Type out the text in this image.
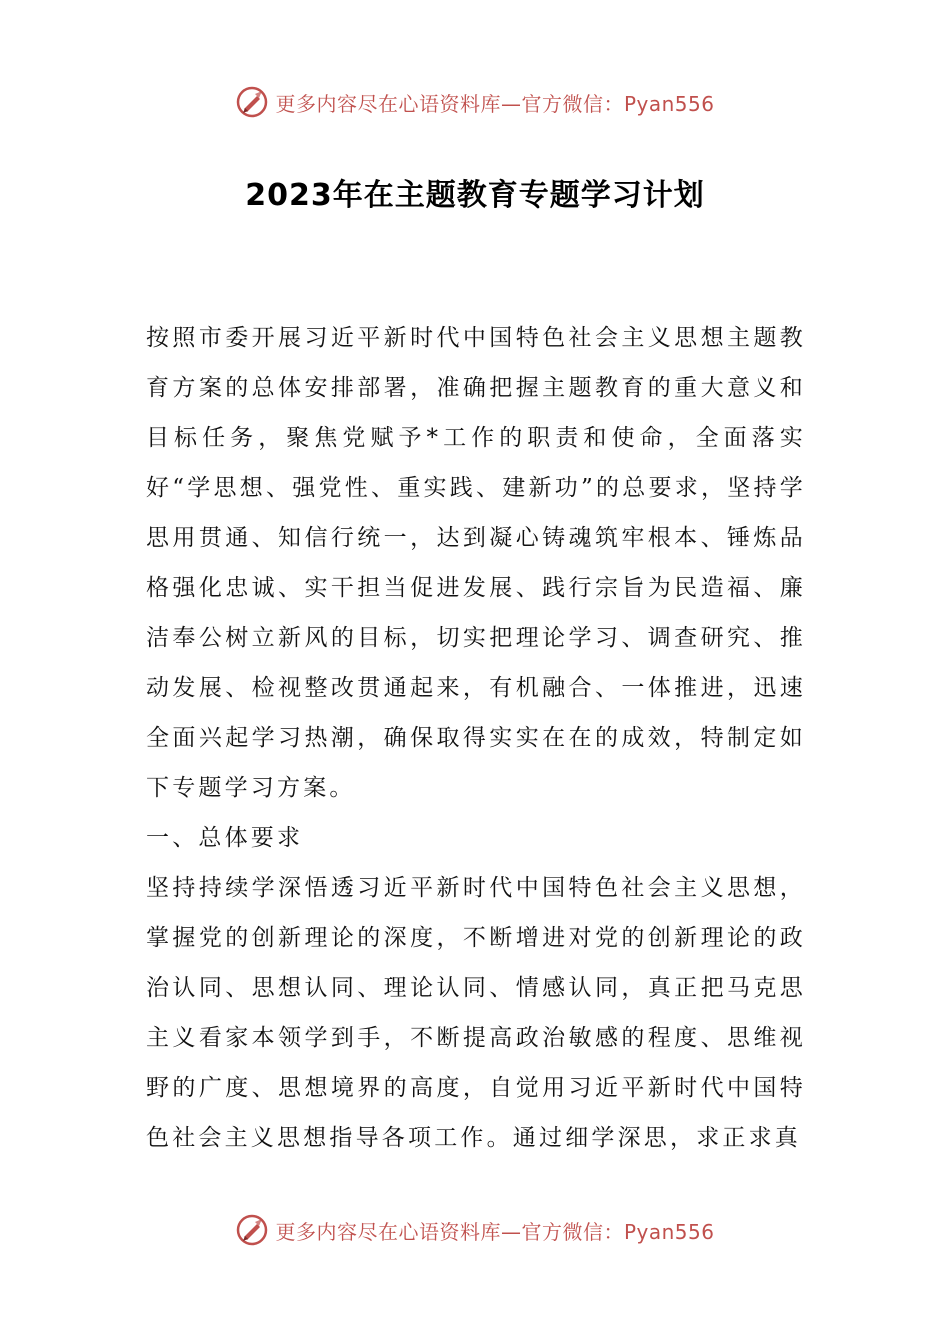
更多内容尽在心语资料库—官方微信：Pyan556
2023年在主题教育专题学习计划

按照市委开展习近平新时代中国特色社会主义思想主题教育方案的总体安排部署，准确把握主题教育的重大意义和目标任务，聚焦党赋予*工作的职责和使命，全面落实好“学思想、强党性、重实践、建新功”的总要求，坚持学思用贯通、知信行统一，达到凝心铸魂筑牢根本、锤炼品格强化忠诚、实干担当促进发展、践行宗旨为民造福、廉洁奉公树立新风的目标，切实把理论学习、调查研究、推动发展、检视整改贯通起来，有机融合、一体推进，迅速全面兴起学习热潮，确保取得实实在在的成效，特制定如下专题学习方案。

一、总体要求

坚持持续学深悟透习近平新时代中国特色社会主义思想，掌握党的创新理论的深度，不断增进对党的创新理论的政治认同、思想认同、理论认同、情感认同，真正把马克思主义看家本领学到手，不断提高政治敏感的程度、思维视野的广度、思想境界的高度，自觉用习近平新时代中国特色社会主义思想指导各项工作。通过细学深思，求正求真

更多内容尽在心语资料库—官方微信：Pyan556
